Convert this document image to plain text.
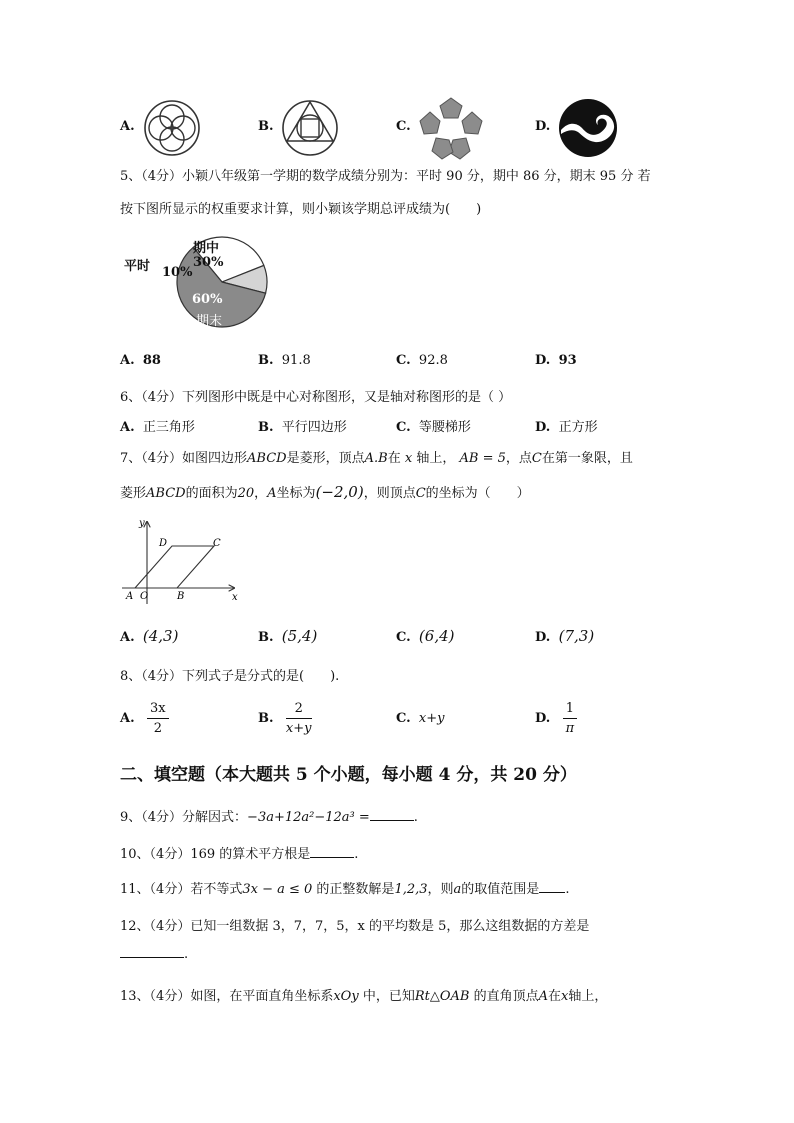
A.	B.	C.	D.
5、（4分）小颖八年级第一学期的数学成绩分别为：平时 90 分，期中 86 分，期末 95 分 若
按下图所显示的权重要求计算，则小颖该学期总评成绩为(　　)
平时 10%
期中
30%
60%
期末
A. 88	B. 91.8	C. 92.8	D. 93
6、（4分）下列图形中既是中心对称图形，又是轴对称图形的是（ ）
A. 正三角形	B. 平行四边形	C. 等腰梯形	D. 正方形
7、（4分）如图四边形ABCD是菱形，顶点A.B在 x 轴上， AB = 5，点C在第一象限，且
菱形ABCD的面积为20，A坐标为(−2,0)，则顶点C的坐标为（　　）
y
x
A O	B
C
D
A. (4,3)	B. (5,4)	C. (6,4)	D. (7,3)
8、（4分）下列式子是分式的是(　　).
A. $\frac{3x}{2}$	B. $\frac{2}{x+y}$	C. x+y	D. $\frac{1}{\pi}$
二、填空题（本大题共 5 个小题，每小题 4 分，共 20 分）
9、（4分）分解因式：−3a+12a²−12a³ =	.
10、（4分）169 的算术平方根是	.
11、（4分）若不等式3x − a ≤ 0 的正整数解是1,2,3，则a的取值范围是 .
12、（4分）已知一组数据 3，7，7，5，x 的平均数是 5，那么这组数据的方差是
.
13、（4分）如图，在平面直角坐标系xOy 中，已知Rt△OAB 的直角顶点A在x轴上，
